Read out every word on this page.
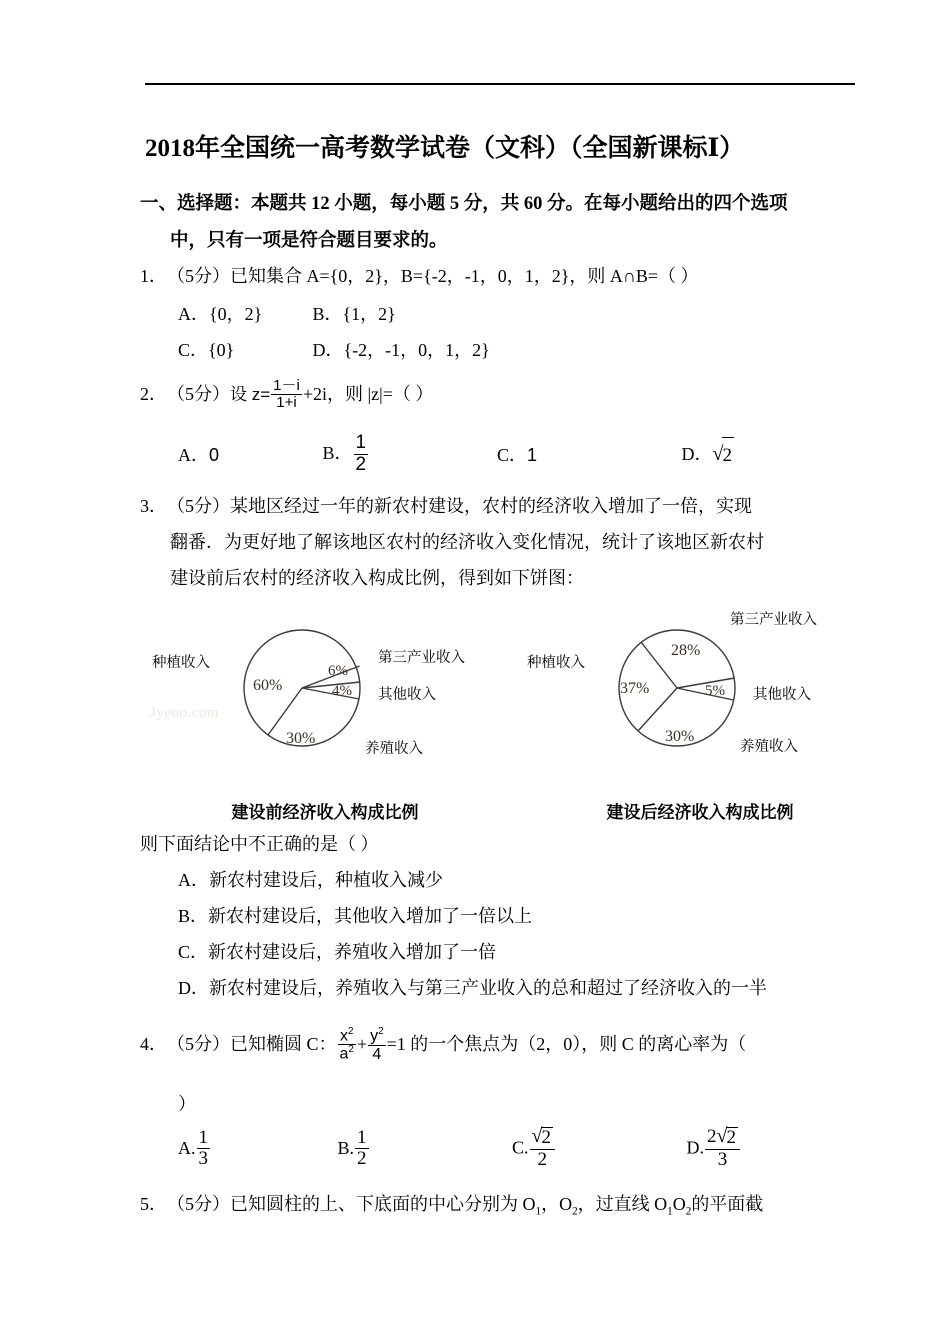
2018年全国统一高考数学试卷（文科）（全国新课标Ⅰ）
一、选择题：本题共 12 小题，每小题 5 分，共 60 分。在每小题给出的四个选项
中，只有一项是符合题目要求的。
1．（5分）已知集合 A={0，2}，B={‐2，‐1，0，1，2}，则 A∩B=（ ）
A．{0，2}	B．{1，2}
C．{0}	D．{‐2，‐1，0，1，2}
2．（5分）设 $z= \frac{1-i}{1+i} +2i$，则 |z|=（ ）
A．0	B． $\frac{1}{2}$	C．1	D． √ 2
3．（5分）某地区经过一年的新农村建设，农村的经济收入增加了一倍，实现
翻番．为更好地了解该地区农村的经济收入变化情况，统计了该地区新农村
建设前后农村的经济收入构成比例，得到如下饼图：
60%
6%
4%
30%
种植收入	第三产业收入
其他收入
养殖收入
Jyeoo.com
建设前经济收入构成比例
28%
37%	5%
30%
种植收入
第三产业收入
其他收入
养殖收入
建设后经济收入构成比例
则下面结论中不正确的是（ ）
A．新农村建设后，种植收入减少
B．新农村建设后，其他收入增加了一倍以上
C．新农村建设后，养殖收入增加了一倍
D．新农村建设后，养殖收入与第三产业收入的总和超过了经济收入的一半
4．（5分）已知椭圆 C： $\frac{x^2}{a^2} + \frac{y^2}{4} =1$ 的一个焦点为（2，0），则 C 的离心率为（
）
A. $\frac{1}{3}$	B. $\frac{1}{2}$	C. √ $\frac{2}{2}$	D. $\frac{2 √ 2}{3}$
5．（5分）已知圆柱的上、下底面的中心分别为 $O_1$，$O_2$，过直线 $O_1O_2$的平面截
